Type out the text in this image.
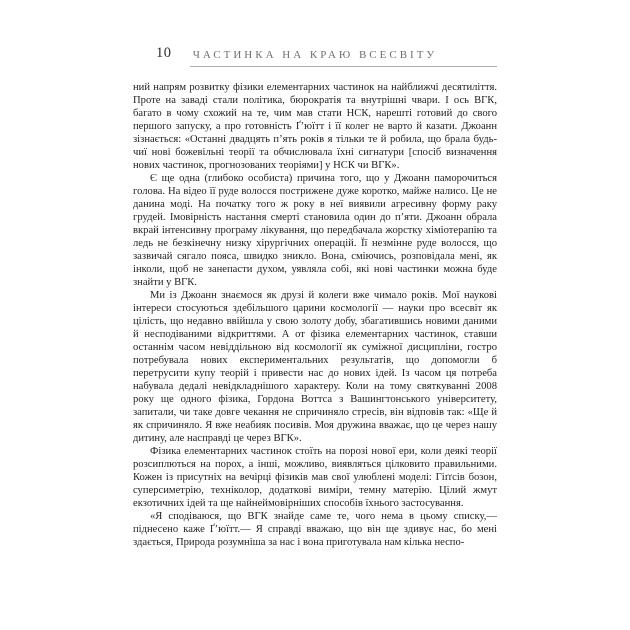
10	ЧАСТИНКА НА КРАЮ ВСЕСВІТУ

ний напрям розвитку фізики елементарних частинок на найближчі десятиліття. Проте на заваді стали політика, бюрократія та внутрішні чвари. І ось ВГК, багато в чому схожий на те, чим мав стати НСК, нарешті готовий до свого першого запуску, а про готовність Ґ’юїтт і її колег не варто й казати. Джоанн зізнається: «Останні двадцять п’ять років я тільки те й робила, що брала будь-чиї нові божевільні теорії та обчислювала їхні сигнатури [спосіб визначення нових частинок, прогнозованих теоріями] у НСК чи ВГК».

Є ще одна (глибоко особиста) причина того, що у Джоанн паморочиться голова. На відео її руде волосся пострижене дуже коротко, майже налисо. Це не данина моді. На початку того ж року в неї виявили агресивну форму раку грудей. Імовірність настання смерті становила один до п’яти. Джоанн обрала вкрай інтенсивну програму лікування, що передбачала жорстку хіміотерапію та ледь не безкінечну низку хірургічних операцій. Її незмінне руде волосся, що зазвичай сягало пояса, швидко зникло. Вона, сміючись, розповідала мені, як інколи, щоб не занепасти духом, уявляла собі, які нові частинки можна буде знайти у ВГК.

Ми із Джоанн знаємося як друзі й колеги вже чимало років. Мої наукові інтереси стосуються здебільшого царини космології — науки про всесвіт як цілість, що недавно ввійшла у свою золоту добу, збагатившись новими даними й несподіваними відкриттями. А от фізика елементарних частинок, ставши останнім часом невіддільною від космології як суміжної дисципліни, гостро потребувала нових експериментальних результатів, що допомогли б перетрусити купу теорій і привести нас до нових ідей. Із часом ця потреба набувала дедалі невідкладнішого характеру. Коли на тому святкуванні 2008 року ще одного фізика, Гордона Воттса з Вашингтонського університету, запитали, чи таке довге чекання не спричиняло стресів, він відповів так: «Ще й як спричиняло. Я вже неабияк посивів. Моя дружина вважає, що це через нашу дитину, але насправді це через ВГК».

Фізика елементарних частинок стоїть на порозі нової ери, коли деякі теорії розсиплються на порох, а інші, можливо, виявляться цілковито правильними. Кожен із присутніх на вечірці фізиків мав свої улюблені моделі: Гіґґсів бозон, суперсиметрію, техніколор, додаткові виміри, темну матерію. Цілий жмут екзотичних ідей та ще найнеймовірніших способів їхнього застосування.

«Я сподіваюся, що ВГК знайде саме те, чого нема в цьому списку,— піднесено каже Ґ’юїтт.— Я справді вважаю, що він ще здивує нас, бо мені здається, Природа розумніша за нас і вона приготувала нам кілька неспо-
